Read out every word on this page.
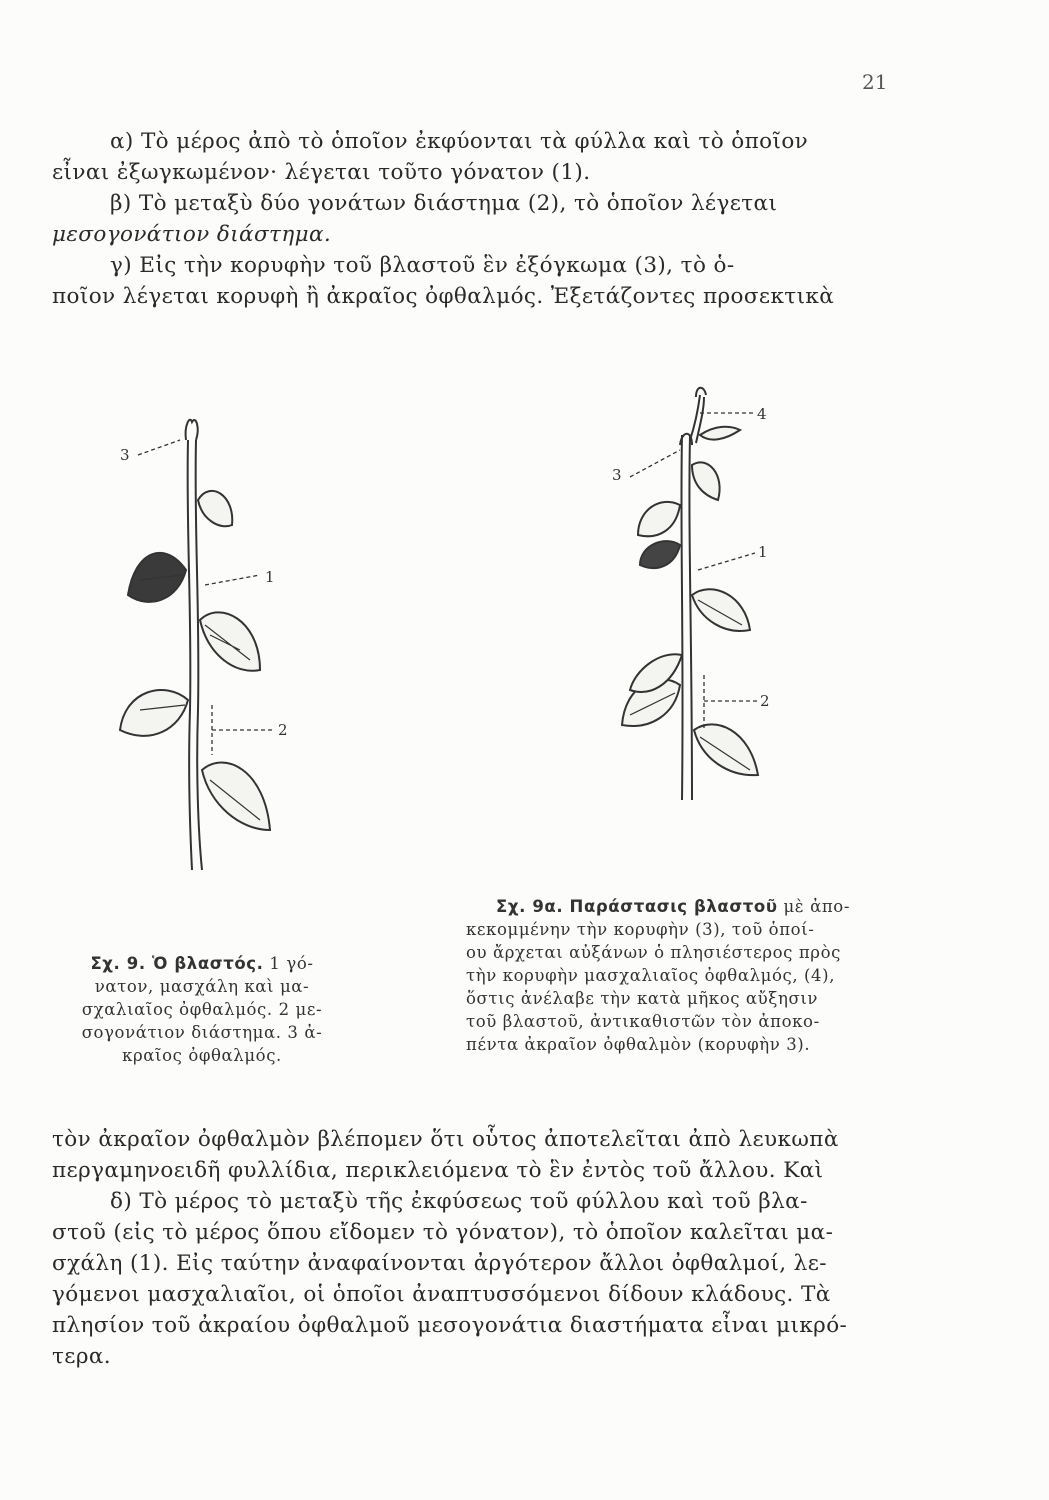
21
α) Τὸ μέρος ἀπὸ τὸ ὁποῖον ἐκφύονται τὰ φύλλα καὶ τὸ ὁποῖον
εἶναι ἐξωγκωμένον· λέγεται τοῦτο γόνατον (1).
β) Τὸ μεταξὺ δύο γονάτων διάστημα (2), τὸ ὁποῖον λέγεται
μεσογονάτιον διάστημα.
γ) Εἰς τὴν κορυφὴν τοῦ βλαστοῦ ἓν ἐξόγκωμα (3), τὸ ὁ-
ποῖον λέγεται κορυφὴ ἢ ἀκραῖος ὀφθαλμός. Ἐξετάζοντες προσεκτικὰ
3
1
2
4
3
1
2
Σχ. 9. Ὁ βλαστός. 1 γό-
νατον, μασχάλη καὶ μα-
σχαλιαῖος ὀφθαλμός. 2 με-
σογονάτιον διάστημα. 3 ἀ-
κραῖος ὀφθαλμός.
Σχ. 9α. Παράστασις βλαστοῦ μὲ ἀπο-
κεκομμένην τὴν κορυφὴν (3), τοῦ ὁποί-
ου ἄρχεται αὐξάνων ὁ πλησιέστερος πρὸς
τὴν κορυφὴν μασχαλιαῖος ὀφθαλμός, (4),
ὅστις ἀνέλαβε τὴν κατὰ μῆκος αὔξησιν
τοῦ βλαστοῦ, ἀντικαθιστῶν τὸν ἀποκο-
πέντα ἀκραῖον ὀφθαλμὸν (κορυφὴν 3).
τὸν ἀκραῖον ὀφθαλμὸν βλέπομεν ὅτι οὗτος ἀποτελεῖται ἀπὸ λευκωπὰ
περγαμηνοειδῆ φυλλίδια, περικλειόμενα τὸ ἓν ἐντὸς τοῦ ἄλλου. Καὶ
δ) Τὸ μέρος τὸ μεταξὺ τῆς ἐκφύσεως τοῦ φύλλου καὶ τοῦ βλα-
στοῦ (εἰς τὸ μέρος ὅπου εἴδομεν τὸ γόνατον), τὸ ὁποῖον καλεῖται μα-
σχάλη (1). Εἰς ταύτην ἀναφαίνονται ἀργότερον ἄλλοι ὀφθαλμοί, λε-
γόμενοι μασχαλιαῖοι, οἱ ὁποῖοι ἀναπτυσσόμενοι δίδουν κλάδους. Τὰ
πλησίον τοῦ ἀκραίου ὀφθαλμοῦ μεσογονάτια διαστήματα εἶναι μικρό-
τερα.
